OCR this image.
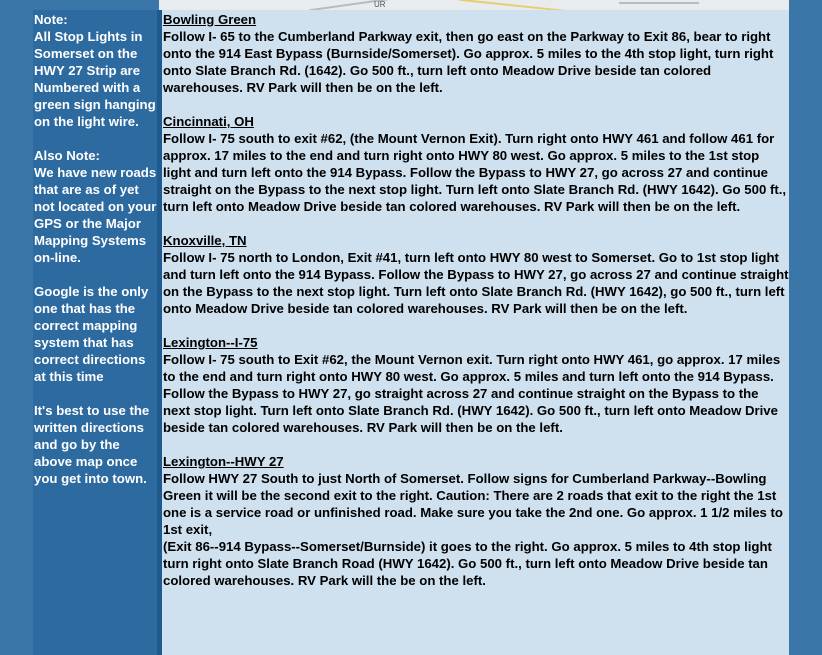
UR

Note:
All Stop Lights in Somerset on the HWY 27 Strip are Numbered with a green sign hanging on the light wire.

Also Note:
We have new roads that are as of yet not located on your GPS or the Major Mapping Systems on-line.

Google is the only one that has the correct mapping system that has correct directions at this time

It's best to use the written directions and go by the above map once you get into town.

Bowling Green
Follow I- 65 to the Cumberland Parkway exit, then go east on the Parkway to Exit 86, bear to right onto the 914 East Bypass (Burnside/Somerset). Go approx. 5 miles to the 4th stop light, turn right onto Slate Branch Rd. (1642). Go 500 ft., turn left onto Meadow Drive beside tan colored warehouses. RV Park will then be on the left.
Cincinnati, OH
Follow I- 75 south to exit #62, (the Mount Vernon Exit). Turn right onto HWY 461 and follow 461 for approx. 17 miles to the end and turn right onto HWY 80 west. Go approx. 5 miles to the 1st stop light and turn left onto the 914 Bypass. Follow the Bypass to HWY 27, go across 27 and continue straight on the Bypass to the next stop light. Turn left onto Slate Branch Rd. (HWY 1642). Go 500 ft., turn left onto Meadow Drive beside tan colored warehouses. RV Park will then be on the left.
Knoxville, TN
Follow I- 75 north to London, Exit #41, turn left onto HWY 80 west to Somerset. Go to 1st stop light and turn left onto the 914 Bypass. Follow the Bypass to HWY 27, go across 27 and continue straight on the Bypass to the next stop light. Turn left onto Slate Branch Rd. (HWY 1642), go 500 ft., turn left onto Meadow Drive beside tan colored warehouses. RV Park will then be on the left.
Lexington--I-75
Follow I- 75 south to Exit #62, the Mount Vernon exit. Turn right onto HWY 461, go approx. 17 miles to the end and turn right onto HWY 80 west. Go approx. 5 miles and turn left onto the 914 Bypass. Follow the Bypass to HWY 27, go straight across 27 and continue straight on the Bypass to the next stop light. Turn left onto Slate Branch Rd. (HWY 1642). Go 500 ft., turn left onto Meadow Drive beside tan colored warehouses. RV Park will then be on the left.
Lexington--HWY 27
Follow HWY 27 South to just North of Somerset. Follow signs for Cumberland Parkway--Bowling Green it will be the second exit to the right. Caution: There are 2 roads that exit to the right the 1st one is a service road or unfinished road. Make sure you take the 2nd one. Go approx. 1 1/2 miles to 1st exit,
(Exit 86--914 Bypass--Somerset/Burnside) it goes to the right. Go approx. 5 miles to 4th stop light turn right onto Slate Branch Road (HWY 1642). Go 500 ft., turn left onto Meadow Drive beside tan colored warehouses. RV Park will the be on the left.
